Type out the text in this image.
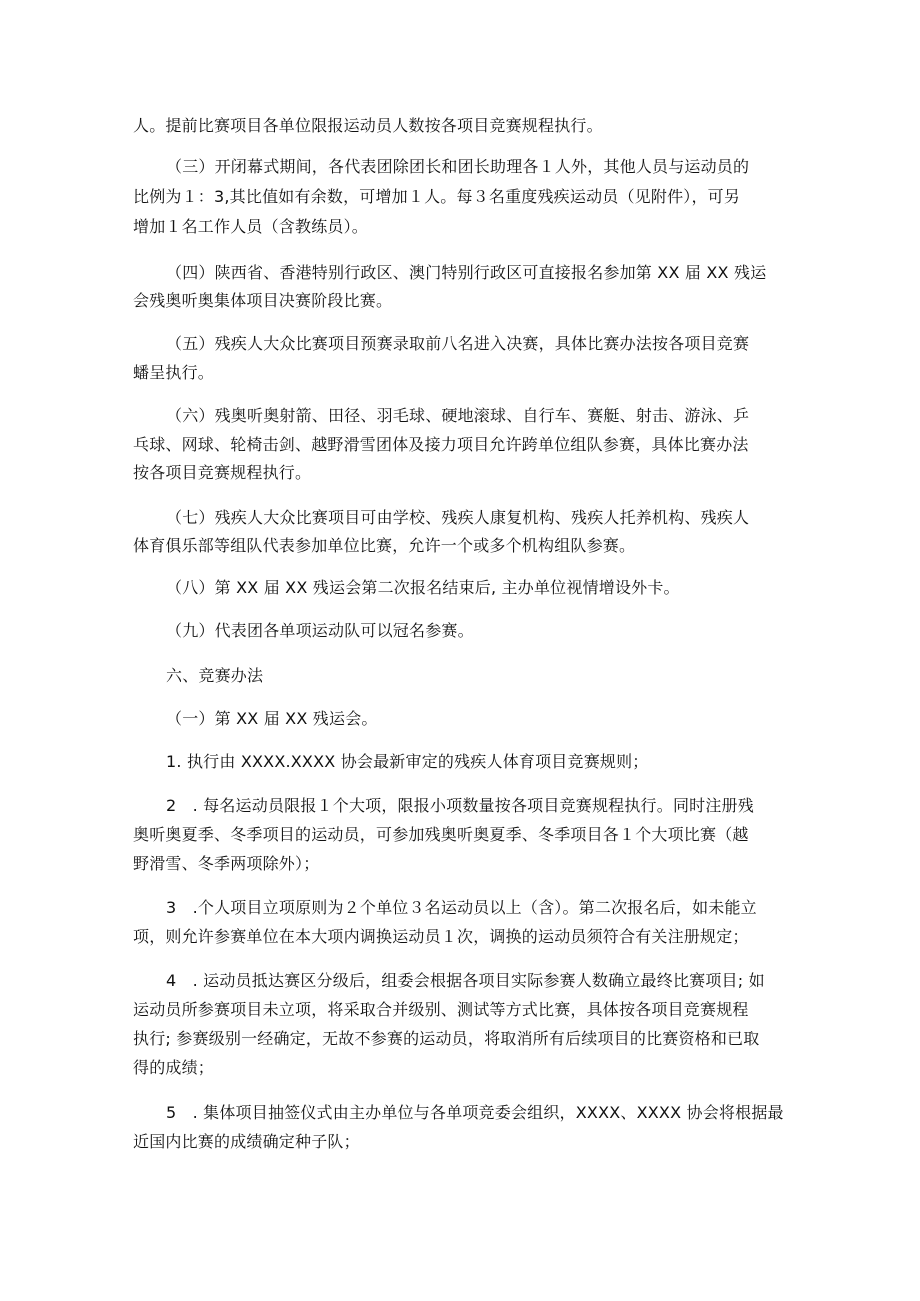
人。提前比赛项目各单位限报运动员人数按各项目竞赛规程执行。
（三）开闭幕式期间，各代表团除团长和团长助理各１人外，其他人员与运动员的
比例为１：3,其比值如有余数，可增加１人。每３名重度残疾运动员（见附件），可另
增加１名工作人员（含教练员）。
（四）陕西省、香港特别行政区、澳门特别行政区可直接报名参加第 XX 届 XX 残运
会残奥听奥集体项目决赛阶段比赛。
（五）残疾人大众比赛项目预赛录取前八名进入决赛，具体比赛办法按各项目竞赛
蟠呈执行。
（六）残奥听奥射箭、田径、羽毛球、硬地滚球、自行车、赛艇、射击、游泳、乒
乓球、网球、轮椅击剑、越野滑雪团体及接力项目允许跨单位组队参赛，具体比赛办法
按各项目竞赛规程执行。
（七）残疾人大众比赛项目可由学校、残疾人康复机构、残疾人托养机构、残疾人
体育俱乐部等组队代表参加单位比赛，允许一个或多个机构组队参赛。
（八）第 XX 届 XX 残运会第二次报名结束后, 主办单位视情增设外卡。
（九）代表团各单项运动队可以冠名参赛。
六、竞赛办法
（一）第 XX 届 XX 残运会。
1. 执行由 XXXX.XXXX 协会最新审定的残疾人体育项目竞赛规则；
2　. 每名运动员限报１个大项，限报小项数量按各项目竞赛规程执行。同时注册残
奥听奥夏季、冬季项目的运动员，可参加残奥听奥夏季、冬季项目各１个大项比赛（越
野滑雪、冬季两项除外）；
3　.个人项目立项原则为２个单位３名运动员以上（含）。第二次报名后，如未能立
项，则允许参赛单位在本大项内调换运动员１次，调换的运动员须符合有关注册规定；
4　. 运动员抵达赛区分级后，组委会根据各项目实际参赛人数确立最终比赛项目; 如
运动员所参赛项目未立项，将采取合并级别、测试等方式比赛，具体按各项目竞赛规程
执行; 参赛级别一经确定，无故不参赛的运动员，将取消所有后续项目的比赛资格和已取
得的成绩；
5　. 集体项目抽签仪式由主办单位与各单项竞委会组织，XXXX、XXXX 协会将根据最
近国内比赛的成绩确定种子队；
